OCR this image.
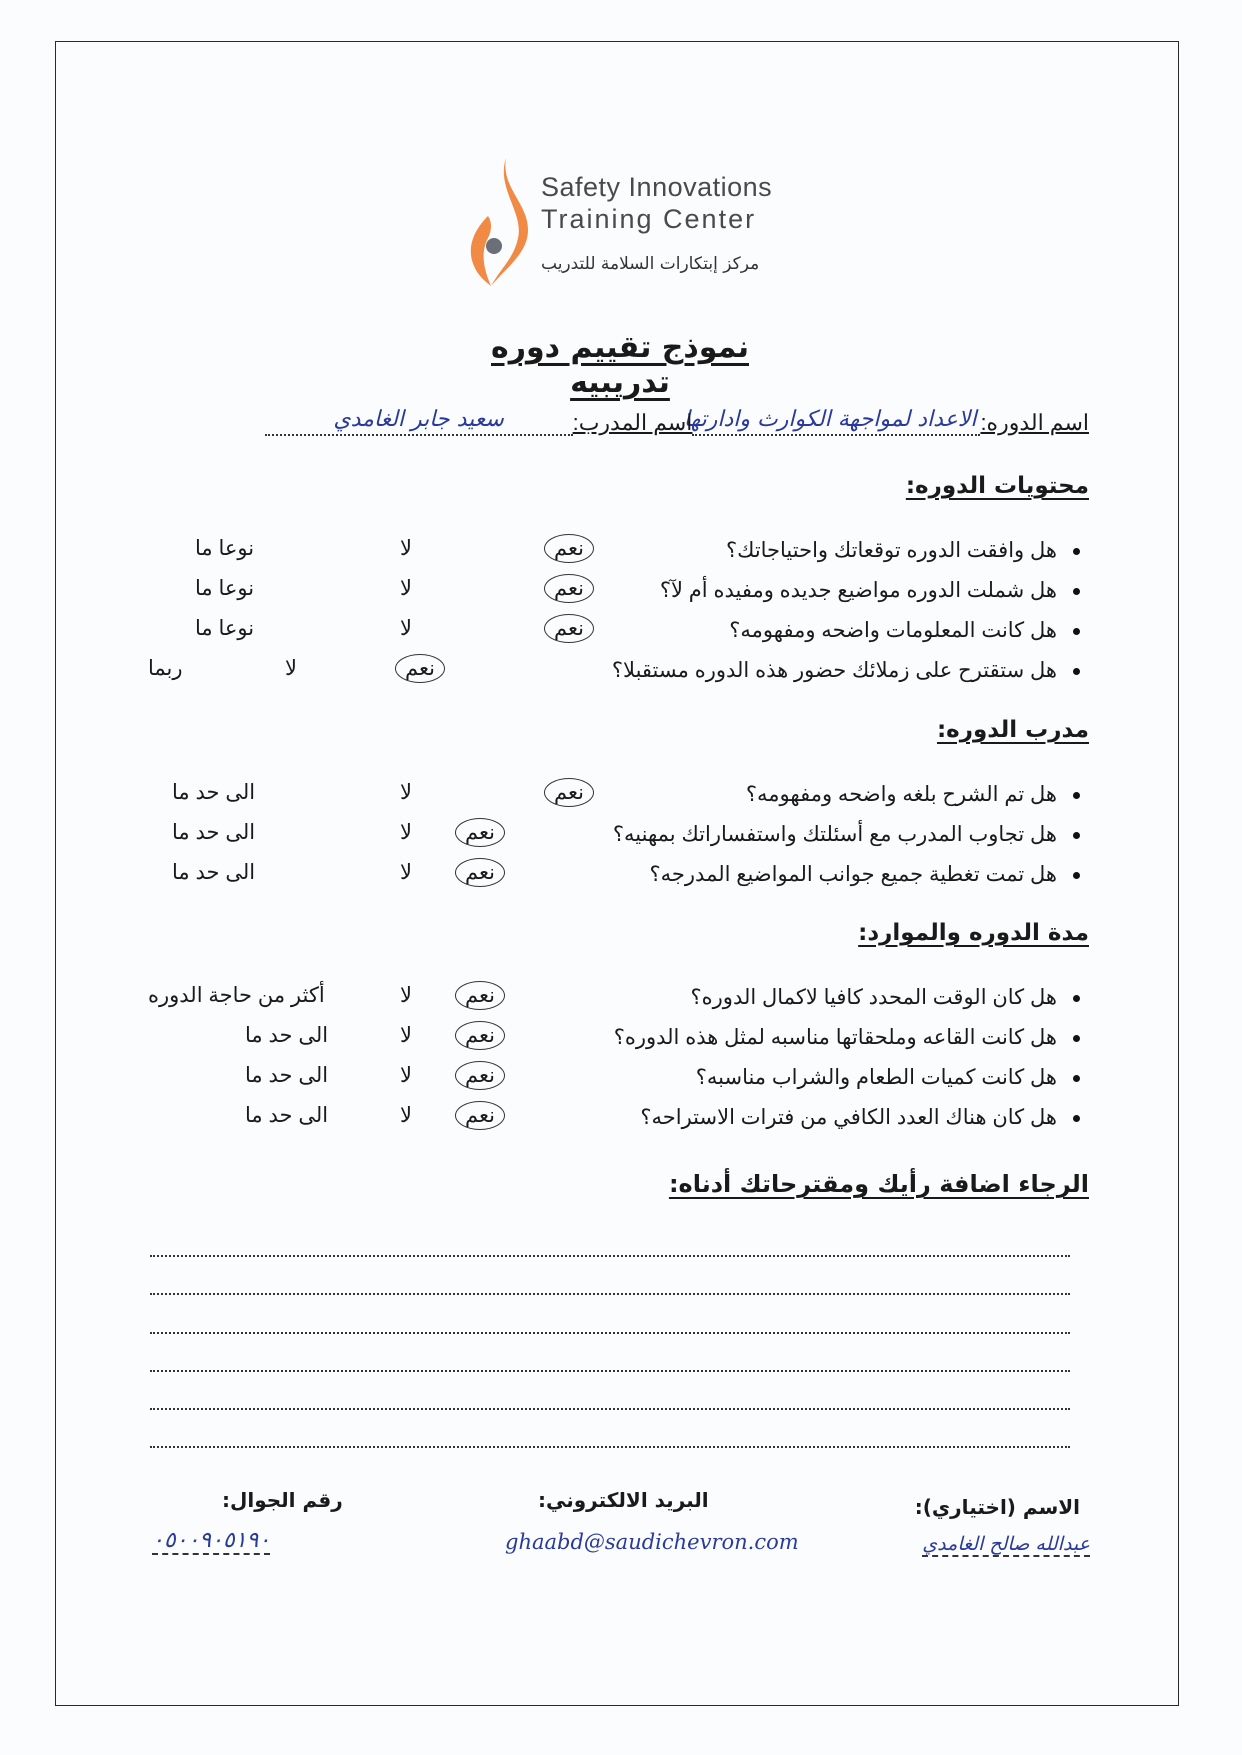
Safety Innovations
Training Center
مركز إبتكارات السلامة للتدريب
نموذج تقييم دوره تدريبيه
اسم الدوره:
الاعداد لمواجهة الكوارث وادارتها
اسم المدرب:
سعيد جابر الغامدي
محتويات الدوره:
هل وافقت الدوره توقعاتك واحتياجاتك؟
نعم
لا
نوعا ما
هل شملت الدوره مواضيع جديده ومفيده أم لآ؟
نعم
لا
نوعا ما
هل كانت المعلومات واضحه ومفهومه؟
نعم
لا
نوعا ما
هل ستقترح على زملائك حضور هذه الدوره مستقبلا؟
نعم
لا
ربما
مدرب الدوره:
هل تم الشرح بلغه واضحه ومفهومه؟
نعم
لا
الى حد ما
هل تجاوب المدرب مع أسئلتك واستفساراتك بمهنيه؟
نعم
لا
الى حد ما
هل تمت تغطية جميع جوانب المواضيع المدرجه؟
نعم
لا
الى حد ما
مدة الدوره والموارد:
هل كان الوقت المحدد كافيا لاكمال الدوره؟
نعم
لا
أكثر من حاجة الدوره
هل كانت القاعه وملحقاتها مناسبه لمثل هذه الدوره؟
نعم
لا
الى حد ما
هل كانت كميات الطعام والشراب مناسبه؟
نعم
لا
الى حد ما
هل كان هناك العدد الكافي من فترات الاستراحه؟
نعم
لا
الى حد ما
الرجاء اضافة رأيك ومقترحاتك أدناه:
الاسم (اختياري):
عبدالله صالح الغامدي
البريد الالكتروني:
ghaabd@saudichevron.com
رقم الجوال:
٠٥٠٠٩٠٥١٩٠
